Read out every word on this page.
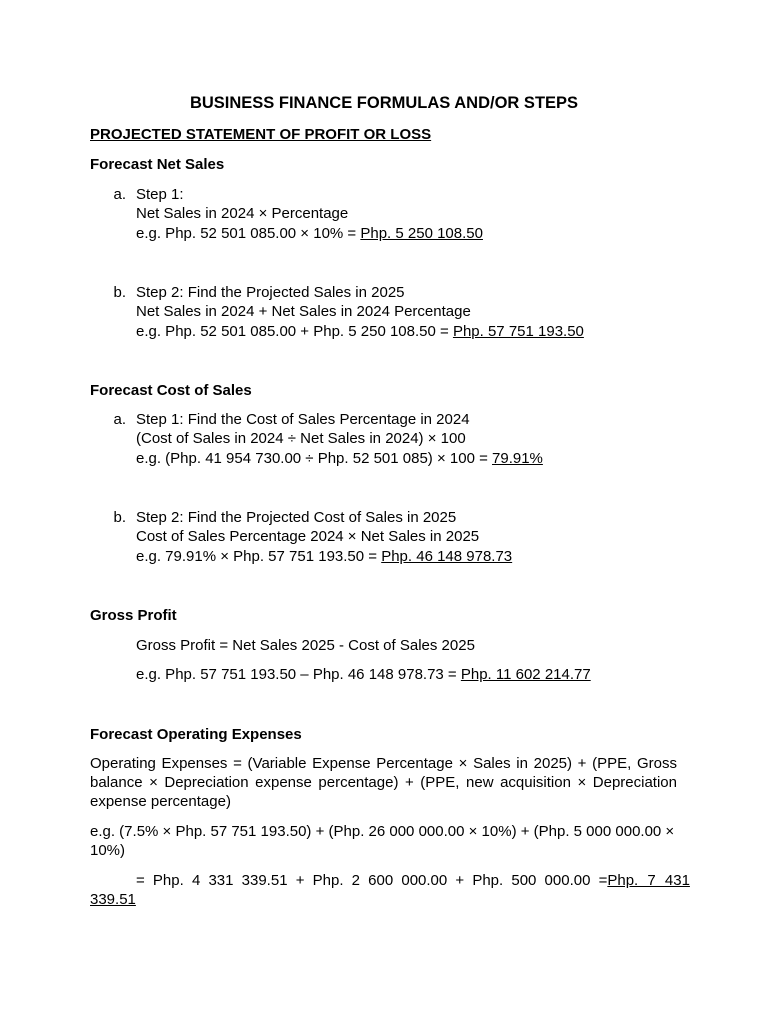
BUSINESS FINANCE FORMULAS AND/OR STEPS
PROJECTED STATEMENT OF PROFIT OR LOSS
Forecast Net Sales
a. Step 1:
Net Sales in 2024 × Percentage
e.g. Php. 52 501 085.00 × 10% = Php. 5 250 108.50
b. Step 2: Find the Projected Sales in 2025
Net Sales in 2024 + Net Sales in 2024 Percentage
e.g. Php. 52 501 085.00 + Php. 5 250 108.50 = Php. 57 751 193.50
Forecast Cost of Sales
a. Step 1: Find the Cost of Sales Percentage in 2024
(Cost of Sales in 2024 ÷ Net Sales in 2024) × 100
e.g. (Php. 41 954 730.00 ÷ Php. 52 501 085) × 100 = 79.91%
b. Step 2: Find the Projected Cost of Sales in 2025
Cost of Sales Percentage 2024 × Net Sales in 2025
e.g. 79.91% × Php. 57 751 193.50 = Php. 46 148 978.73
Gross Profit
Gross Profit = Net Sales 2025 - Cost of Sales 2025
e.g. Php. 57 751 193.50 – Php. 46 148 978.73 = Php. 11 602 214.77
Forecast Operating Expenses
Operating Expenses = (Variable Expense Percentage × Sales in 2025) + (PPE, Gross balance × Depreciation expense percentage) + (PPE, new acquisition × Depreciation expense percentage)
e.g. (7.5% × Php. 57 751 193.50) + (Php. 26 000 000.00 × 10%) + (Php. 5 000 000.00 × 10%)
= Php. 4 331 339.51 + Php. 2 600 000.00 + Php. 500 000.00 = Php. 7 431
339.51
